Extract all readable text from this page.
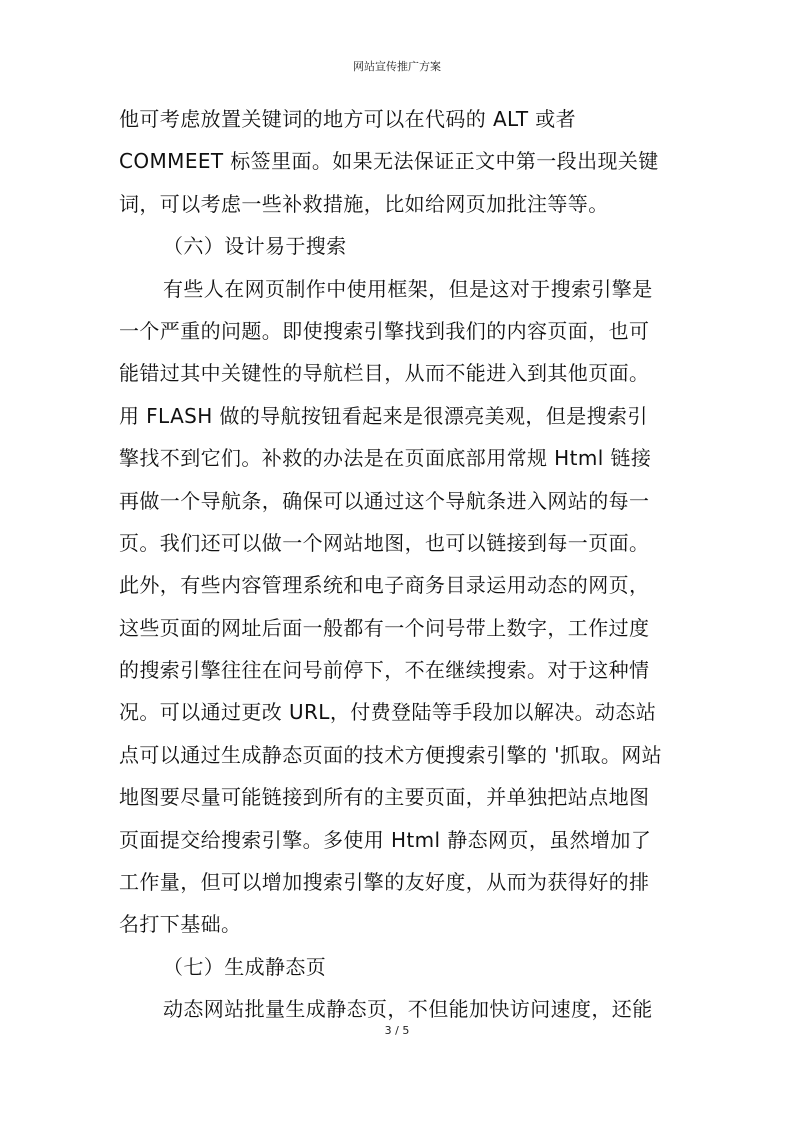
网站宣传推广方案
他可考虑放置关键词的地方可以在代码的 ALT 或者
COMMEET 标签里面。如果无法保证正文中第一段出现关键
词，可以考虑一些补救措施，比如给网页加批注等等。
（六）设计易于搜索
有些人在网页制作中使用框架，但是这对于搜索引擎是
一个严重的问题。即使搜索引擎找到我们的内容页面，也可
能错过其中关键性的导航栏目，从而不能进入到其他页面。
用 FLASH 做的导航按钮看起来是很漂亮美观，但是搜索引
擎找不到它们。补救的办法是在页面底部用常规 Html 链接
再做一个导航条，确保可以通过这个导航条进入网站的每一
页。我们还可以做一个网站地图，也可以链接到每一页面。
此外，有些内容管理系统和电子商务目录运用动态的网页，
这些页面的网址后面一般都有一个问号带上数字，工作过度
的搜索引擎往往在问号前停下，不在继续搜索。对于这种情
况。可以通过更改 URL，付费登陆等手段加以解决。动态站
点可以通过生成静态页面的技术方便搜索引擎的 '抓取。网站
地图要尽量可能链接到所有的主要页面，并单独把站点地图
页面提交给搜索引擎。多使用 Html 静态网页，虽然增加了
工作量，但可以增加搜索引擎的友好度，从而为获得好的排
名打下基础。
（七）生成静态页
动态网站批量生成静态页，不但能加快访问速度，还能
3 / 5
